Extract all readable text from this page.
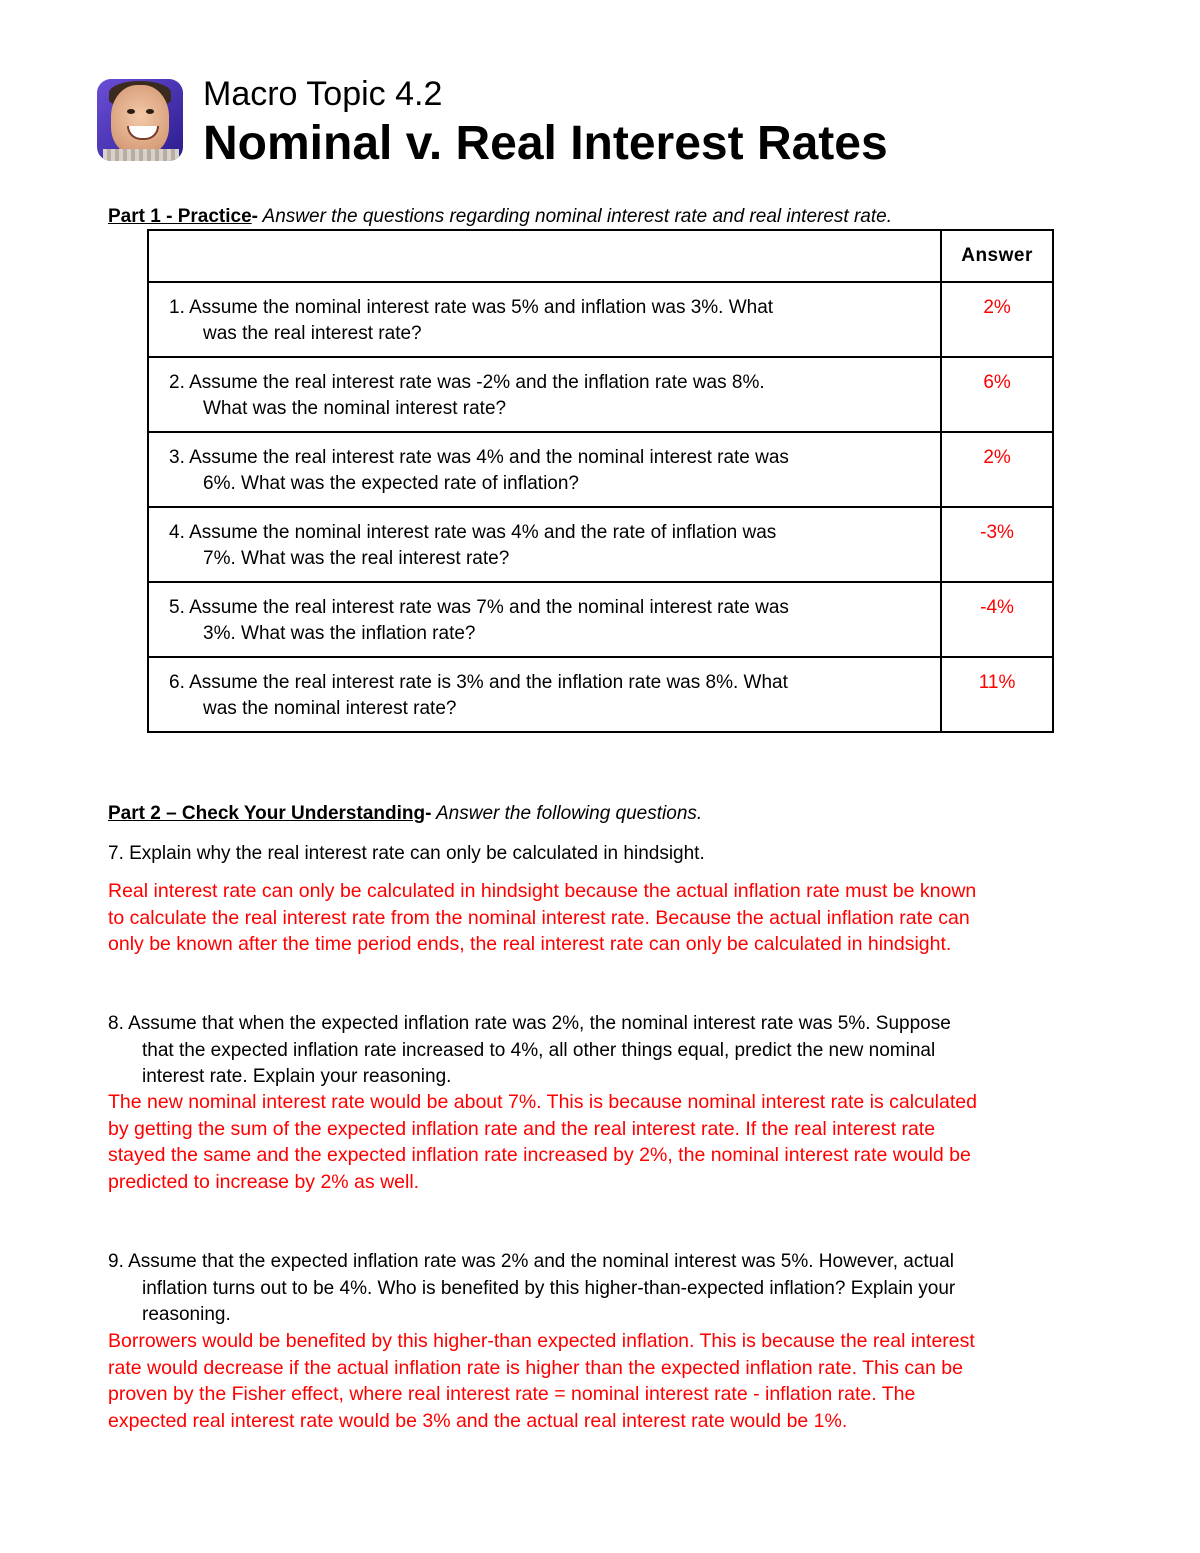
Macro Topic 4.2
Nominal v. Real Interest Rates
Part 1 - Practice- Answer the questions regarding nominal interest rate and real interest rate.
	Answer

1. Assume the nominal interest rate was 5% and inflation was 3%. What
was the real interest rate?	2%

2. Assume the real interest rate was -2% and the inflation rate was 8%.
What was the nominal interest rate?	6%

3. Assume the real interest rate was 4% and the nominal interest rate was
6%. What was the expected rate of inflation?	2%

4. Assume the nominal interest rate was 4% and the rate of inflation was
7%. What was the real interest rate?	-3%

5. Assume the real interest rate was 7% and the nominal interest rate was
3%. What was the inflation rate?	-4%

6. Assume the real interest rate is 3% and the inflation rate was 8%. What
was the nominal interest rate?	11%
Part 2 – Check Your Understanding- Answer the following questions.
7. Explain why the real interest rate can only be calculated in hindsight.
Real interest rate can only be calculated in hindsight because the actual inflation rate must be known
to calculate the real interest rate from the nominal interest rate. Because the actual inflation rate can
only be known after the time period ends, the real interest rate can only be calculated in hindsight.
8. Assume that when the expected inflation rate was 2%, the nominal interest rate was 5%. Suppose
that the expected inflation rate increased to 4%, all other things equal, predict the new nominal
interest rate. Explain your reasoning.
The new nominal interest rate would be about 7%. This is because nominal interest rate is calculated
by getting the sum of the expected inflation rate and the real interest rate. If the real interest rate
stayed the same and the expected inflation rate increased by 2%, the nominal interest rate would be
predicted to increase by 2% as well.
9. Assume that the expected inflation rate was 2% and the nominal interest was 5%. However, actual
inflation turns out to be 4%. Who is benefited by this higher-than-expected inflation? Explain your
reasoning.
Borrowers would be benefited by this higher-than expected inflation. This is because the real interest
rate would decrease if the actual inflation rate is higher than the expected inflation rate. This can be
proven by the Fisher effect, where real interest rate = nominal interest rate - inflation rate. The
expected real interest rate would be 3% and the actual real interest rate would be 1%.
